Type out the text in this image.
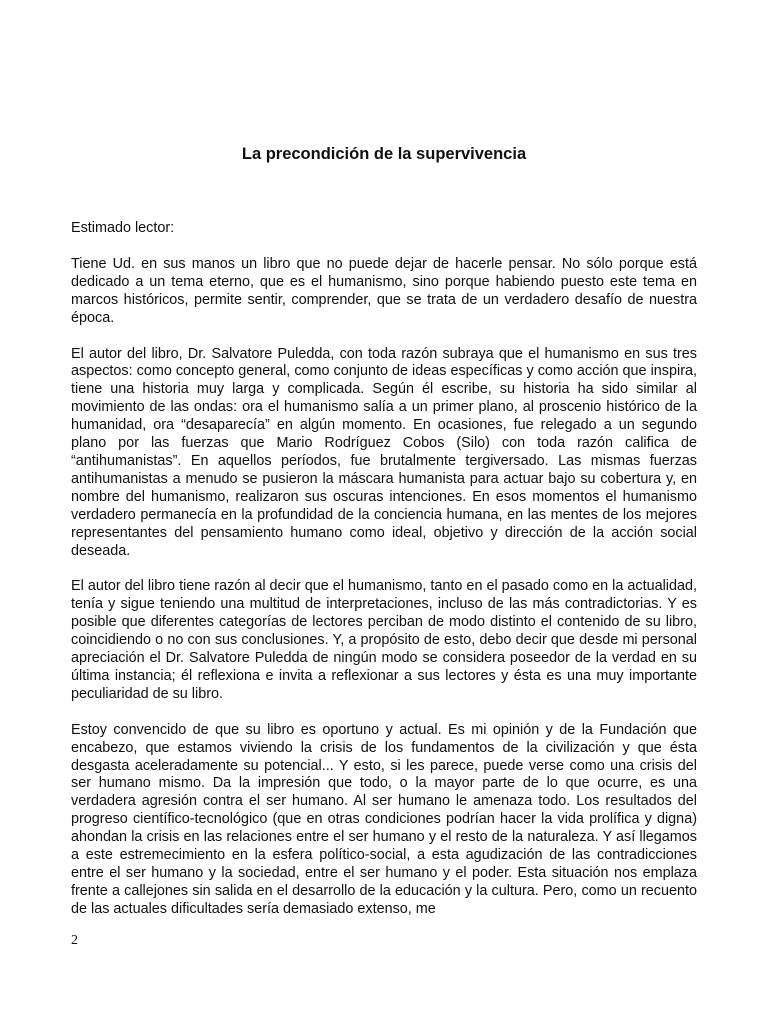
La precondición de la supervivencia

Estimado lector:

Tiene Ud. en sus manos un libro que no puede dejar de hacerle pensar. No sólo porque está dedicado a un tema eterno, que es el humanismo, sino porque habiendo puesto este tema en marcos históricos, permite sentir, comprender, que se trata de un verdadero desafío de nuestra época.

El autor del libro, Dr. Salvatore Puledda, con toda razón subraya que el humanismo en sus tres aspectos: como concepto general, como conjunto de ideas específicas y como acción que inspira, tiene una historia muy larga y complicada. Según él escribe, su historia ha sido similar al movimiento de las ondas: ora el humanismo salía a un primer plano, al proscenio histórico de la humanidad, ora “desaparecía” en algún momento. En ocasiones, fue relegado a un segundo plano por las fuerzas que Mario Rodríguez Cobos (Silo) con toda razón califica de “antihumanistas”. En aquellos períodos, fue brutalmente tergiversado. Las mismas fuerzas antihumanistas a menudo se pusieron la máscara humanista para actuar bajo su cobertura y, en nombre del humanismo, realizaron sus oscuras intenciones. En esos momentos el humanismo verdadero permanecía en la profundidad de la conciencia humana, en las mentes de los mejores representantes del pensamiento humano como ideal, objetivo y dirección de la acción social deseada.

El autor del libro tiene razón al decir que el humanismo, tanto en el pasado como en la actualidad, tenía y sigue teniendo una multitud de interpretaciones, incluso de las más contradictorias. Y es posible que diferentes categorías de lectores perciban de modo distinto el contenido de su libro, coincidiendo o no con sus conclusiones. Y, a propósito de esto, debo decir que desde mi personal apreciación el Dr. Salvatore Puledda de ningún modo se considera poseedor de la verdad en su última instancia; él reflexiona e invita a reflexionar a sus lectores y ésta es una muy importante peculiaridad de su libro.

Estoy convencido de que su libro es oportuno y actual. Es mi opinión y de la Fundación que encabezo, que estamos viviendo la crisis de los fundamentos de la civilización y que ésta desgasta aceleradamente su potencial... Y esto, si les parece, puede verse como una crisis del ser humano mismo. Da la impresión que todo, o la mayor parte de lo que ocurre, es una verdadera agresión contra el ser humano. Al ser humano le amenaza todo. Los resultados del progreso científico-tecnológico (que en otras condiciones podrían hacer la vida prolífica y digna) ahondan la crisis en las relaciones entre el ser humano y el resto de la naturaleza. Y así llegamos a este estremecimiento en la esfera político-social, a esta agudización de las contradicciones entre el ser humano y la sociedad, entre el ser humano y el poder. Esta situación nos emplaza frente a callejones sin salida en el desarrollo de la educación y la cultura. Pero, como un recuento de las actuales dificultades sería demasiado extenso, me

2
